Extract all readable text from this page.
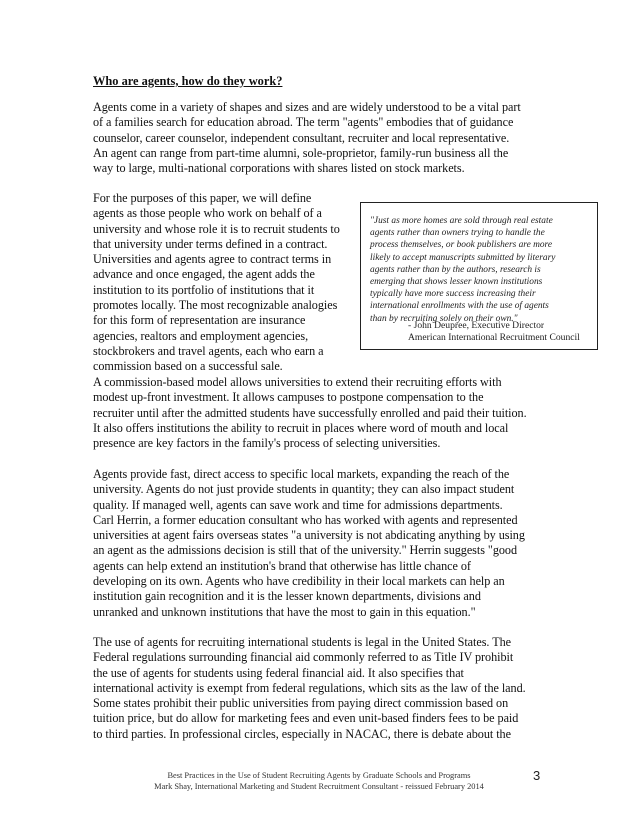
Who are agents, how do they work?
Agents come in a variety of shapes and sizes and are widely understood to be a vital part
of a families search for education abroad. The term "agents" embodies that of guidance
counselor, career counselor, independent consultant, recruiter and local representative.
An agent can range from part-time alumni, sole-proprietor, family-run business all the
way to large, multi-national corporations with shares listed on stock markets.
For the purposes of this paper, we will define
agents as those people who work on behalf of a
university and whose role it is to recruit students to
that university under terms defined in a contract.
Universities and agents agree to contract terms in
advance and once engaged, the agent adds the
institution to its portfolio of institutions that it
promotes locally. The most recognizable analogies
for this form of representation are insurance
agencies, realtors and employment agencies,
stockbrokers and travel agents, each who earn a
commission based on a successful sale.
"Just as more homes are sold through real estate
agents rather than owners trying to handle the
process themselves, or book publishers are more
likely to accept manuscripts submitted by literary
agents rather than by the authors, research is
emerging that shows lesser known institutions
typically have more success increasing their
international enrollments with the use of agents
than by recruiting solely on their own."
- John Deupree, Executive Director
American International Recruitment Council
A commission-based model allows universities to extend their recruiting efforts with
modest up-front investment. It allows campuses to postpone compensation to the
recruiter until after the admitted students have successfully enrolled and paid their tuition.
It also offers institutions the ability to recruit in places where word of mouth and local
presence are key factors in the family's process of selecting universities.
Agents provide fast, direct access to specific local markets, expanding the reach of the
university. Agents do not just provide students in quantity; they can also impact student
quality. If managed well, agents can save work and time for admissions departments.
Carl Herrin, a former education consultant who has worked with agents and represented
universities at agent fairs overseas states "a university is not abdicating anything by using
an agent as the admissions decision is still that of the university." Herrin suggests "good
agents can help extend an institution's brand that otherwise has little chance of
developing on its own. Agents who have credibility in their local markets can help an
institution gain recognition and it is the lesser known departments, divisions and
unranked and unknown institutions that have the most to gain in this equation."
The use of agents for recruiting international students is legal in the United States. The
Federal regulations surrounding financial aid commonly referred to as Title IV prohibit
the use of agents for students using federal financial aid. It also specifies that
international activity is exempt from federal regulations, which sits as the law of the land.
Some states prohibit their public universities from paying direct commission based on
tuition price, but do allow for marketing fees and even unit-based finders fees to be paid
to third parties. In professional circles, especially in NACAC, there is debate about the
Best Practices in the Use of Student Recruiting Agents by Graduate Schools and Programs
Mark Shay, International Marketing and Student Recruitment Consultant - reissued February 2014
3
